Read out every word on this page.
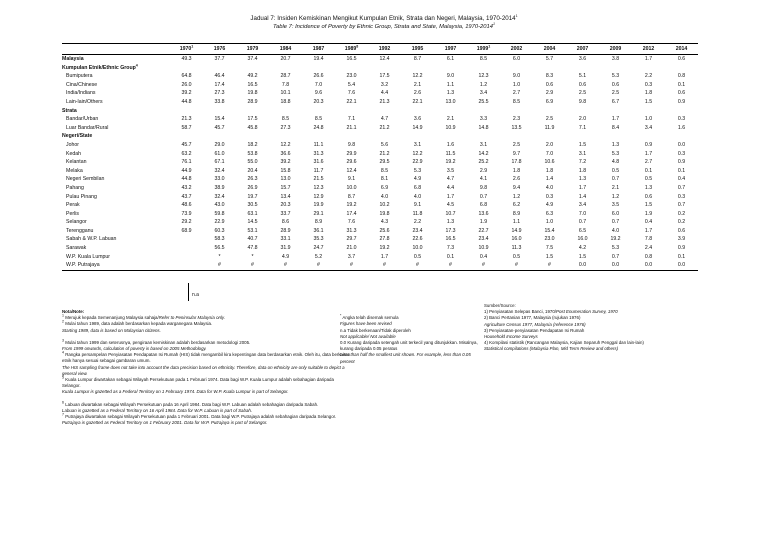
Jadual 7: Insiden Kemiskinan Mengikut Kumpulan Etnik, Strata dan Negeri, Malaysia, 1970-2014$^1$
Table 7: Incidence of Poverty by Ethnic Group, Strata and State, Malaysia, 1970-2014$^1$
	1970$^1$	1976	1979	1984	1987	1989$^8$	1992	1995	1997	1999$^1$	2002	2004	2007	2009	2012	2014
Malaysia	49.3	37.7	37.4	20.7	19.4	16.5	12.4	8.7	6.1	8.5	6.0	5.7	3.6	3.8	1.7	0.6
Kumpulan Etnik/Ethnic Group$^4$																
Bumiputera	64.8	46.4	49.2	28.7	26.6	23.0	17.5	12.2	9.0	12.3	9.0	8.3	5.1	5.3	2.2	0.8
Cina/Chinese	26.0	17.4	16.5	7.8	7.0	5.4	3.2	2.1	1.1	1.2	1.0	0.6	0.6	0.6	0.3	0.1
India/Indians	39.2	27.3	19.8	10.1	9.6	7.6	4.4	2.6	1.3	3.4	2.7	2.9	2.5	2.5	1.8	0.6
Lain-lain/Others	44.8	33.8	28.9	18.8	20.3	22.1	21.3	22.1	13.0	25.5	8.5	6.9	9.8	6.7	1.5	0.9
Strata																
Bandar/Urban	21.3	15.4	17.5	8.5	8.5	7.1	4.7	3.6	2.1	3.3	2.3	2.5	2.0	1.7	1.0	0.3
Luar Bandar/Rural	58.7	45.7	45.8	27.3	24.8	21.1	21.2	14.9	10.9	14.8	13.5	11.9	7.1	8.4	3.4	1.6
Negeri/State																
Johor	45.7	29.0	18.2	12.2	11.1	9.8	5.6	3.1	1.6	3.1	2.5	2.0	1.5	1.3	0.9	0.0
Kedah	63.2	61.0	53.8	36.6	31.3	29.9	21.2	12.2	11.5	14.2	9.7	7.0	3.1	5.3	1.7	0.3
Kelantan	76.1	67.1	55.0	39.2	31.6	29.6	29.5	22.9	19.2	25.2	17.8	10.6	7.2	4.8	2.7	0.9
Melaka	44.9	32.4	20.4	15.8	11.7	12.4	8.5	5.3	3.5	2.9	1.8	1.8	1.8	0.5	0.1	0.1
Negeri Sembilan	44.8	33.0	26.3	13.0	21.5	9.1	8.1	4.9	4.7	4.1	2.6	1.4	1.3	0.7	0.5	0.4
Pahang	43.2	38.9	26.9	15.7	12.3	10.0	6.9	6.8	4.4	9.8	9.4	4.0	1.7	2.1	1.3	0.7
Pulau Pinang	43.7	32.4	19.7	13.4	12.9	8.7	4.0	4.0	1.7	0.7	1.2	0.3	1.4	1.2	0.6	0.3
Perak	48.6	43.0	30.5	20.3	19.9	19.2	10.2	9.1	4.5	6.8	6.2	4.9	3.4	3.5	1.5	0.7
Perlis	73.9	59.8	63.1	33.7	29.1	17.4	19.8	11.8	10.7	13.6	8.9	6.3	7.0	6.0	1.9	0.2
Selangor	29.2	22.9	14.5	8.6	8.9	7.6	4.3	2.2	1.3	1.9	1.1	1.0	0.7	0.7	0.4	0.2
Terengganu	68.9	60.3	53.1	28.9	36.1	31.3	25.6	23.4	17.3	22.7	14.9	15.4	6.5	4.0	1.7	0.6
Sabah & W.P. Labuan		58.3	40.7	33.1	35.3	29.7	27.8	22.6	16.5	23.4	16.0	23.0	16.0	19.2	7.8	3.9
Sarawak		56.5	47.8	31.9	24.7	21.0	19.2	10.0	7.3	10.9	11.3	7.5	4.2	5.3	2.4	0.9
W.P. Kuala Lumpur		*	*	4.9	5.2	3.7	1.7	0.5	0.1	0.4	0.5	1.5	1.5	0.7	0.8	0.1
W.P. Putrajaya		#	#	#	#	#	#	#	#	#	#	#	0.0	0.0	0.0	0.0

n.a

Nota/Note:

$^1$ Merujuk kepada Semenanjung Malaysia sahaja/Refer to Peninsular Malaysia only.

$^2$ Mulai tahun 1989, data adalah berdasarkan kepada warganegara Malaysia.

Starting 1989, data is based on Malaysian citizens.

$^3$ Mulai tahun 1999 dan seterusnya, pengiraan kemiskinan adalah berdasarkan metodologi 2005.

From 1999 onwards, calculation of poverty is based on 2005 Methodology.

$^4$ Rangka persampelan Penyiasatan Pendapatan Isi Rumah (HIS) tidak mengambil kira kepentingan data berdasarkan etnik. Oleh itu, data berkaitan etnik hanya sesuai sebagai gambaran umum.

The HIS sampling frame does not take into account the data precision based on ethnicity. Therefore, data on ethnicity are only suitable to depict a general view.

$^5$ Kuala Lumpur diwartakan sebagai Wilayah Persekutuan pada 1 Februari 1974. Data bagi W.P. Kuala Lumpur adalah sebahagian daripada Selangor.

Kuala Lumpur is gazetted as a Federal Territory on 1 February 1974. Data for W.P. Kuala Lumpur is part of Selangor.

$^6$ Labuan diwartakan sebagai Wilayah Persekutuan pada 16 April 1984. Data bagi W.P. Labuan adalah sebahagian daripada Sabah.

Labuan is gazetted as a Federal Territory on 16 April 1984. Data for W.P. Labuan is part of Sabah.

$^7$ Putrajaya diwartakan sebagai Wilayah Persekutuan pada 1 Februari 2001. Data bagi W.P. Putrajaya adalah sebahagian daripada Selangor.

Putrajaya is gazetted as Federal Territory on 1 February 2001. Data for W.P. Putrajaya is part of Selangor.

* Angka telah disemak semula

Figures have been revised

n.a Tidak berkenaan/Tidak diperoleh

Not applicable/ Not available

0.0 Kurang daripada setengah unit terkecil yang ditunjukkan. Misalnya, kurang daripada 0.05 peratus

Less than half the smallest unit shown. For example, less than 0.05 percent

Sumber/Source:

1) Penyiasatan Selepas Banci, 1970/Post Enumeration Survey, 1970

2) Banci Pertanian 1977, Malaysia (rujukan 1976)

Agriculture Census 1977, Malaysia (reference 1976)

3) Penyiasatan-penyiasatan Pendapatan Isi Rumah

Household Income Surveys

4) Kompilasi statistik (Rancangan Malaysia, Kajian Separuh Penggal dan lain-lain)

Statistical compilations (Malaysia Plan, Mid Term Review and others)
